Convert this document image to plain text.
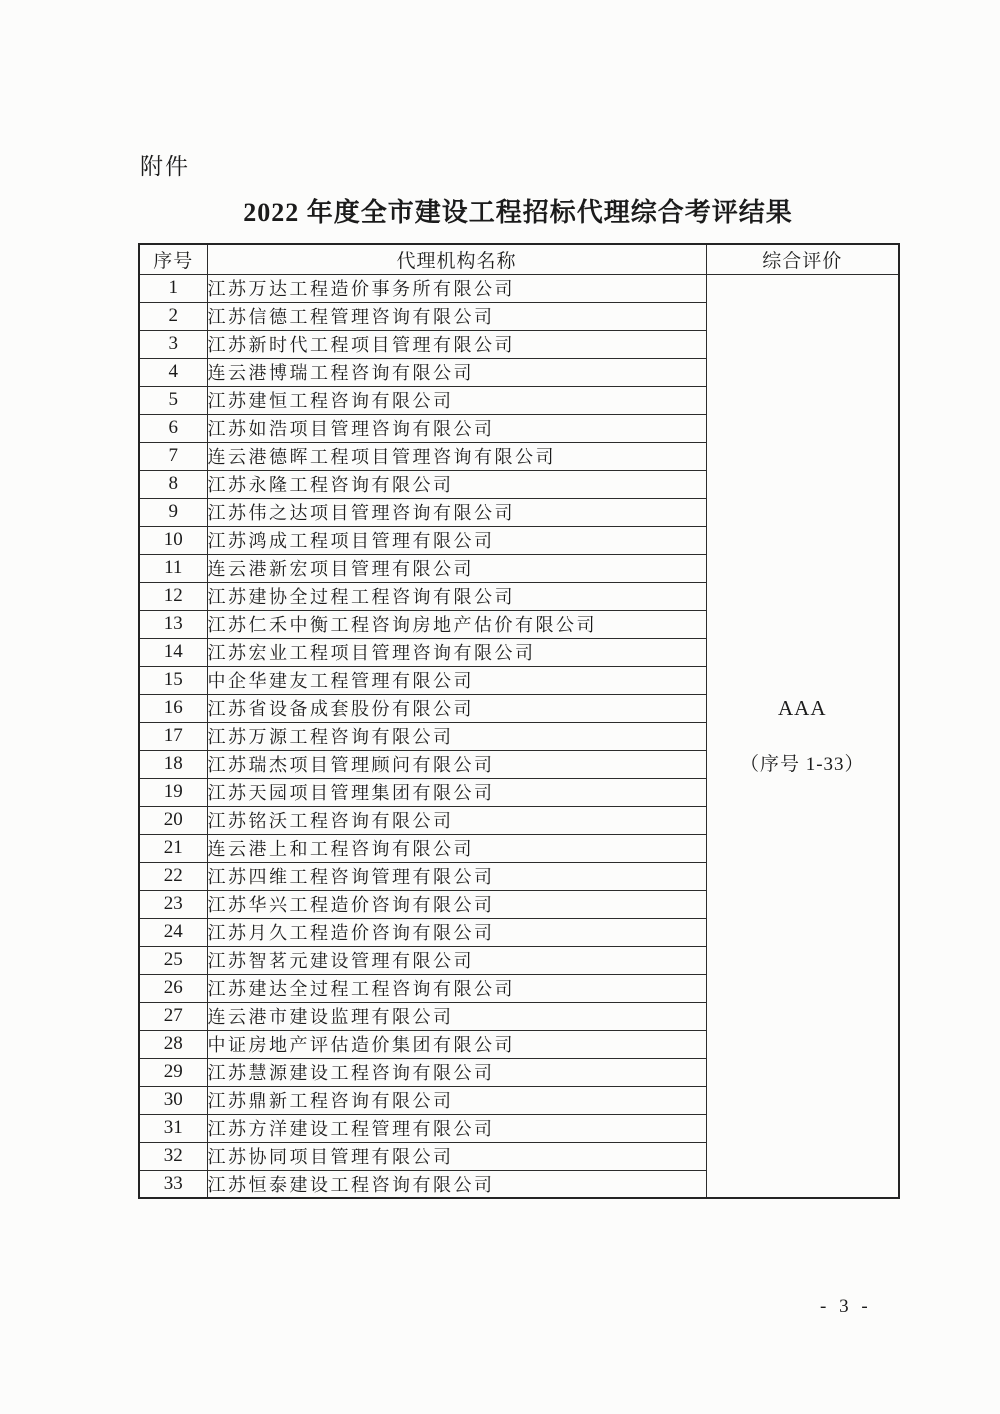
附件
2022 年度全市建设工程招标代理综合考评结果
序号	代理机构名称	综合评价
1	江苏万达工程造价事务所有限公司	AAA
（序号 1-33）

2	江苏信德工程管理咨询有限公司	
3	江苏新时代工程项目管理有限公司	
4	连云港博瑞工程咨询有限公司	
5	江苏建恒工程咨询有限公司	
6	江苏如浩项目管理咨询有限公司	
7	连云港德晖工程项目管理咨询有限公司	
8	江苏永隆工程咨询有限公司	
9	江苏伟之达项目管理咨询有限公司	
10	江苏鸿成工程项目管理有限公司	
11	连云港新宏项目管理有限公司	
12	江苏建协全过程工程咨询有限公司	
13	江苏仁禾中衡工程咨询房地产估价有限公司	
14	江苏宏业工程项目管理咨询有限公司	
15	中企华建友工程管理有限公司	
16	江苏省设备成套股份有限公司	
17	江苏万源工程咨询有限公司	
18	江苏瑞杰项目管理顾问有限公司	
19	江苏天园项目管理集团有限公司	
20	江苏铭沃工程咨询有限公司	
21	连云港上和工程咨询有限公司	
22	江苏四维工程咨询管理有限公司	
23	江苏华兴工程造价咨询有限公司	
24	江苏月久工程造价咨询有限公司	
25	江苏智茗元建设管理有限公司	
26	江苏建达全过程工程咨询有限公司	
27	连云港市建设监理有限公司	
28	中证房地产评估造价集团有限公司	
29	江苏慧源建设工程咨询有限公司	
30	江苏鼎新工程咨询有限公司	
31	江苏方洋建设工程管理有限公司	
32	江苏协同项目管理有限公司	
33	江苏恒泰建设工程咨询有限公司	
- 3 -
